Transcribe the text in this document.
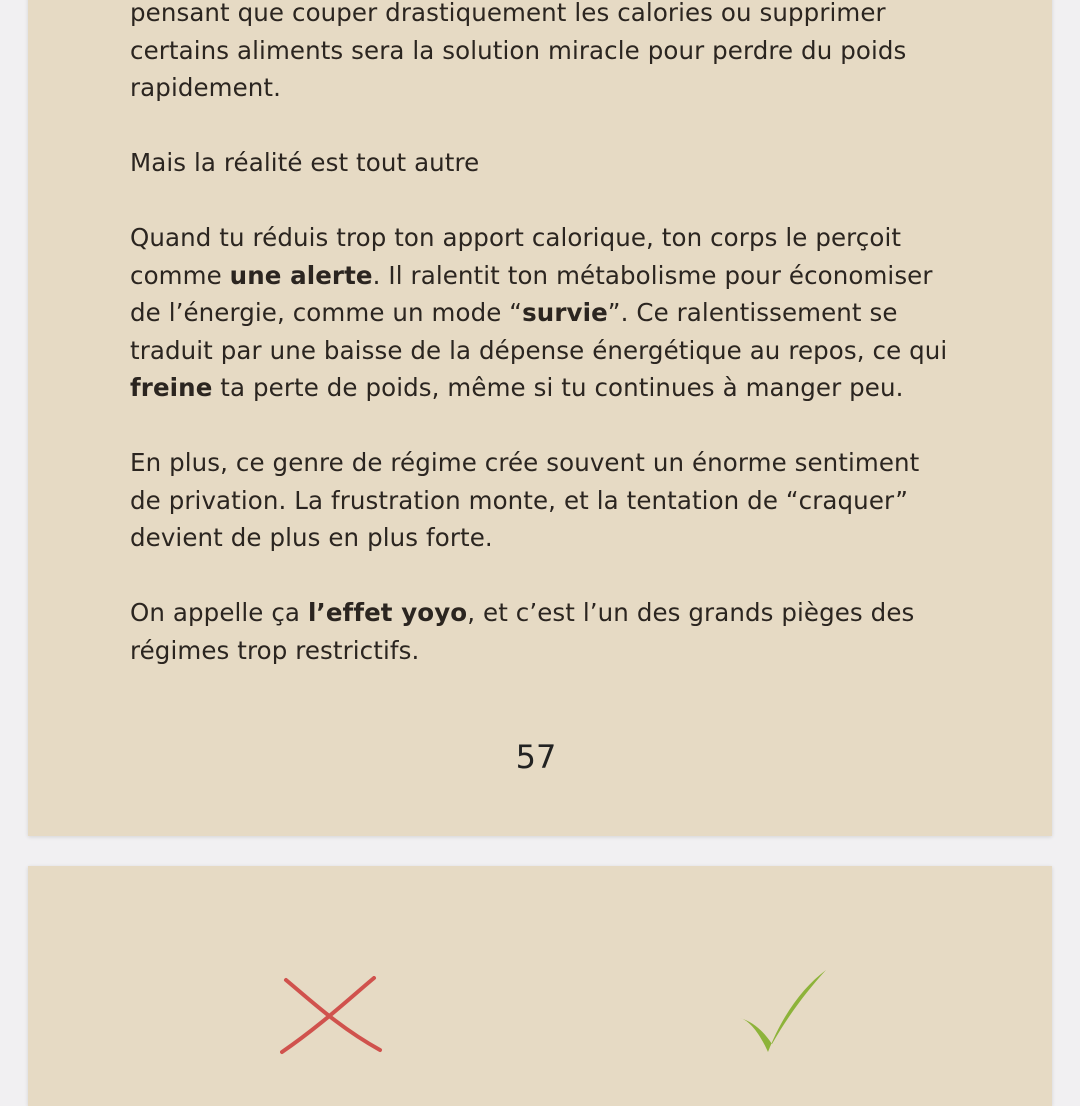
pensant que couper drastiquement les calories ou supprimer certains aliments sera la solution miracle pour perdre du poids rapidement.

Mais la réalité est tout autre

Quand tu réduis trop ton apport calorique, ton corps le perçoit comme une alerte. Il ralentit ton métabolisme pour économiser de l’énergie, comme un mode “survie”. Ce ralentissement se traduit par une baisse de la dépense énergétique au repos, ce qui freine ta perte de poids, même si tu continues à manger peu.

En plus, ce genre de régime crée souvent un énorme sentiment de privation. La frustration monte, et la tentation de “craquer” devient de plus en plus forte.

On appelle ça l’effet yoyo, et c’est l’un des grands pièges des régimes trop restrictifs.

57
